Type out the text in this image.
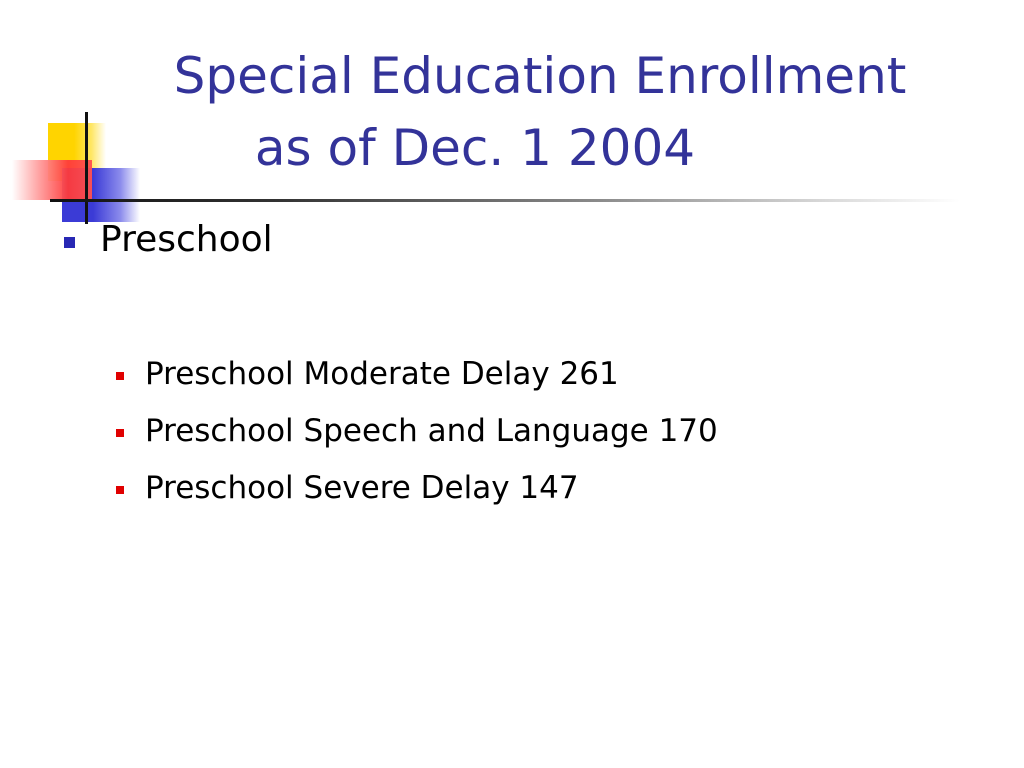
Special Education Enrollment
as of Dec. 1 2004
Preschool
Preschool Moderate Delay 261
Preschool Speech and Language 170
Preschool Severe Delay 147
